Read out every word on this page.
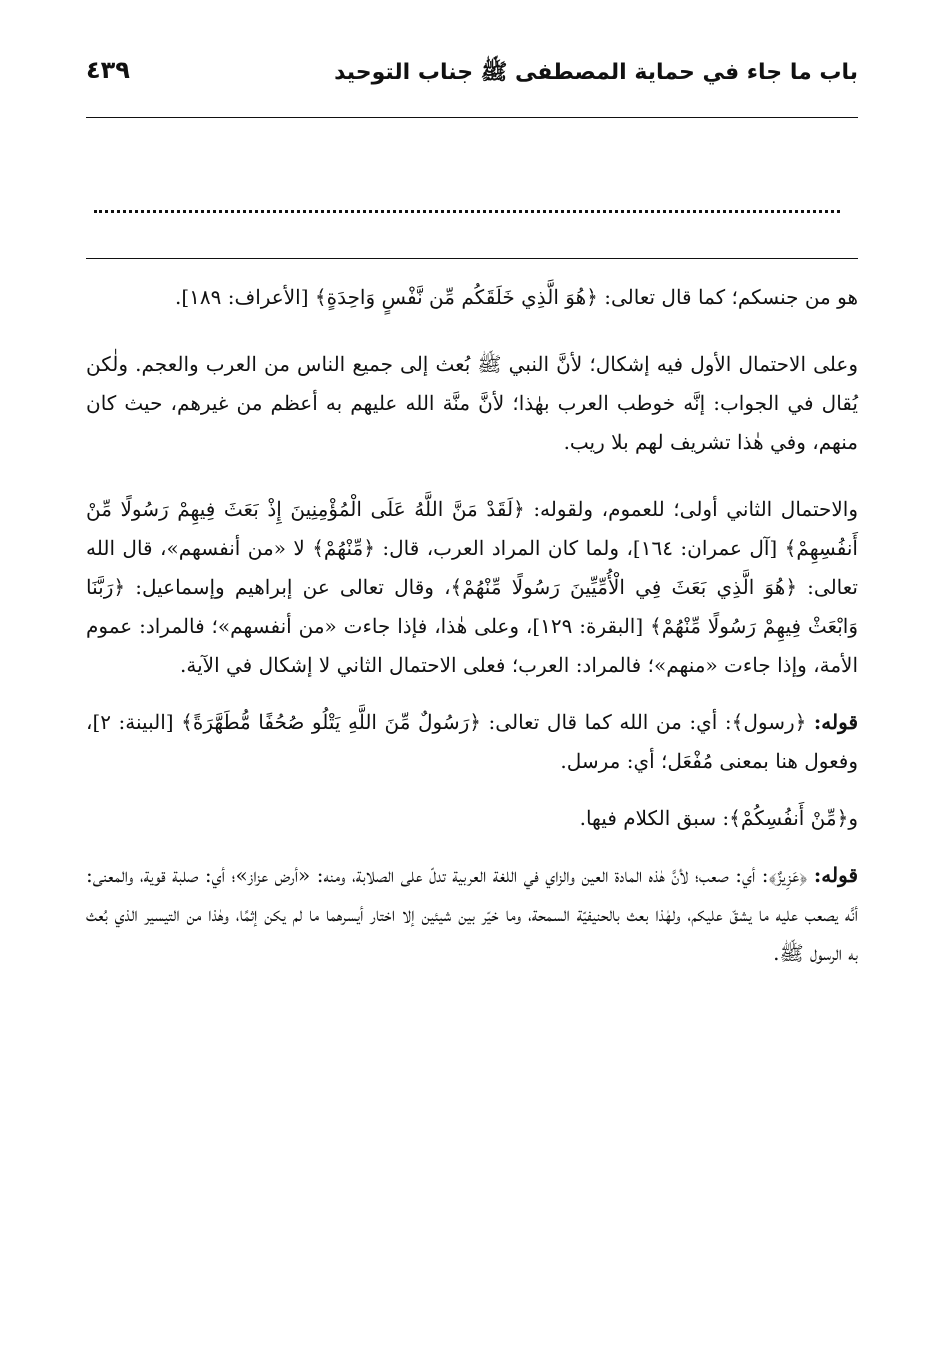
باب ما جاء في حماية المصطفى ﷺ جناب التوحيد
٤٣٩

هو من جنسكم؛ كما قال تعالى: ﴿هُوَ الَّذِي خَلَقَكُم مِّن نَّفْسٍ وَاحِدَةٍ﴾ [الأعراف: ١٨٩].

وعلى الاحتمال الأول فيه إشكال؛ لأنَّ النبي ﷺ بُعث إلى جميع الناس من العرب والعجم. ولٰكن يُقال في الجواب: إنَّه خوطب العرب بهٰذا؛ لأنَّ منَّة الله عليهم به أعظم من غيرهم، حيث كان منهم، وفي هٰذا تشريف لهم بلا ريب.

والاحتمال الثاني أولى؛ للعموم، ولقوله: ﴿لَقَدْ مَنَّ اللَّهُ عَلَى الْمُؤْمِنِينَ إِذْ بَعَثَ فِيهِمْ رَسُولًا مِّنْ أَنفُسِهِمْ﴾ [آل عمران: ١٦٤]، ولما كان المراد العرب، قال: ﴿مِّنْهُمْ﴾ لا «من أنفسهم»، قال الله تعالى: ﴿هُوَ الَّذِي بَعَثَ فِي الْأُمِّيِّينَ رَسُولًا مِّنْهُمْ﴾، وقال تعالى عن إبراهيم وإسماعيل: ﴿رَبَّنَا وَابْعَثْ فِيهِمْ رَسُولًا مِّنْهُمْ﴾ [البقرة: ١٢٩]، وعلى هٰذا، فإذا جاءت «من أنفسهم»؛ فالمراد: عموم الأمة، وإذا جاءت «منهم»؛ فالمراد: العرب؛ فعلى الاحتمال الثاني لا إشكال في الآية.

قوله: ﴿رسول﴾: أي: من الله كما قال تعالى: ﴿رَسُولٌ مِّنَ اللَّهِ يَتْلُو صُحُفًا مُّطَهَّرَةً﴾ [البينة: ٢]، وفعول هنا بمعنى مُفْعَل؛ أي: مرسل.

و﴿مِّنْ أَنفُسِكُمْ﴾: سبق الكلام فيها.

قوله: ﴿عَزِيزٌ﴾: أي: صعب؛ لأنَّ هٰذه المادة العين والزاي في اللغة العربية تدلّ على الصلابة، ومنه: «أرض عزاز»؛ أي: صلبة قوية، والمعنى: أنَّه يصعب عليه ما يشقّ عليكم، ولهٰذا بعث بالحنيفيّة السمحة، وما خيّر بين شيئين إلا اختار أيسرهما ما لم يكن إثمًا، وهٰذا من التيسير الذي بُعث به الرسول ﷺ.
